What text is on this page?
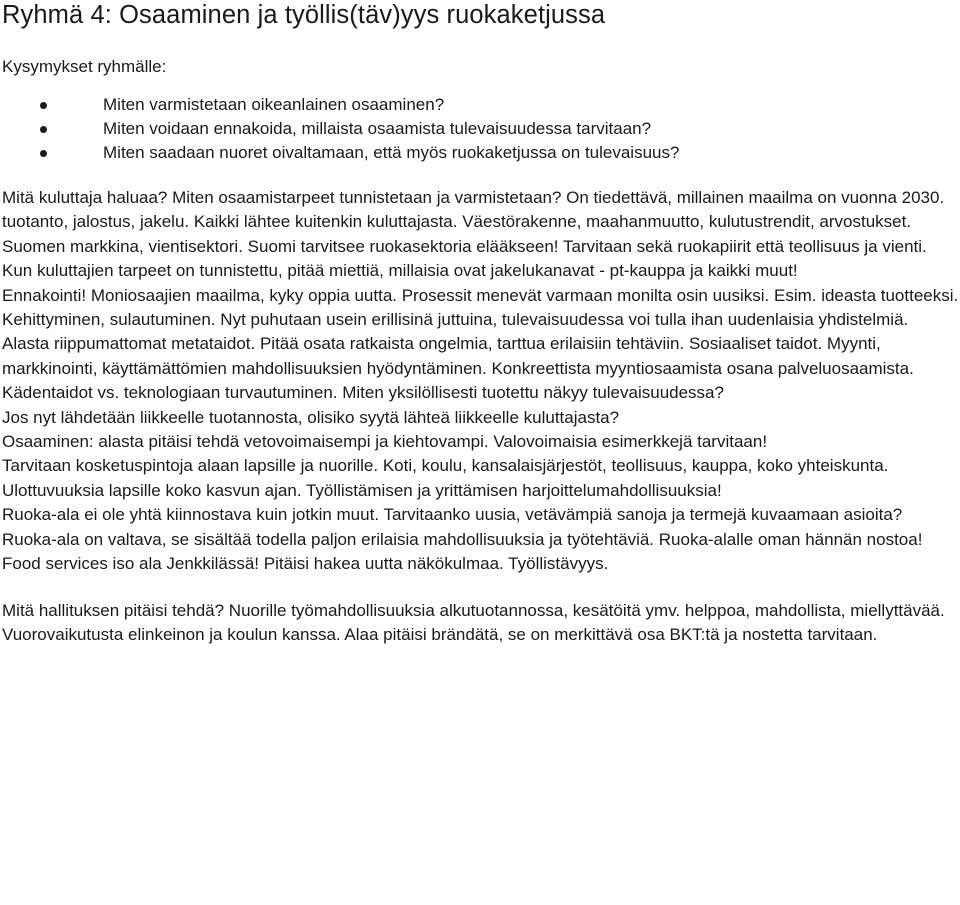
Ryhmä 4: Osaaminen ja työllis(täv)yys ruokaketjussa

Kysymykset ryhmälle:

Miten varmistetaan oikeanlainen osaaminen?
Miten voidaan ennakoida, millaista osaamista tulevaisuudessa tarvitaan?
Miten saadaan nuoret oivaltamaan, että myös ruokaketjussa on tulevaisuus?

Mitä kuluttaja haluaa? Miten osaamistarpeet tunnistetaan ja varmistetaan? On tiedettävä, millainen maailma on vuonna 2030. tuotanto, jalostus, jakelu. Kaikki lähtee kuitenkin kuluttajasta. Väestörakenne, maahanmuutto, kulutustrendit, arvostukset. Suomen markkina, vientisektori. Suomi tarvitsee ruokasektoria elääkseen! Tarvitaan sekä ruokapiirit että teollisuus ja vienti. Kun kuluttajien tarpeet on tunnistettu, pitää miettiä, millaisia ovat jakelukanavat - pt-kauppa ja kaikki muut!

Ennakointi! Moniosaajien maailma, kyky oppia uutta. Prosessit menevät varmaan monilta osin uusiksi. Esim. ideasta tuotteeksi. Kehittyminen, sulautuminen. Nyt puhutaan usein erillisinä juttuina, tulevaisuudessa voi tulla ihan uudenlaisia yhdistelmiä.

Alasta riippumattomat metataidot. Pitää osata ratkaista ongelmia, tarttua erilaisiin tehtäviin. Sosiaaliset taidot. Myynti, markkinointi, käyttämättömien mahdollisuuksien hyödyntäminen. Konkreettista myyntiosaamista osana palveluosaamista.

Kädentaidot vs. teknologiaan turvautuminen. Miten yksilöllisesti tuotettu näkyy tulevaisuudessa?

Jos nyt lähdetään liikkeelle tuotannosta, olisiko syytä lähteä liikkeelle kuluttajasta?

Osaaminen: alasta pitäisi tehdä vetovoimaisempi ja kiehtovampi. Valovoimaisia esimerkkejä tarvitaan!

Tarvitaan kosketuspintoja alaan lapsille ja nuorille. Koti, koulu, kansalaisjärjestöt, teollisuus, kauppa, koko yhteiskunta. Ulottuvuuksia lapsille koko kasvun ajan. Työllistämisen ja yrittämisen harjoittelumahdollisuuksia!

Ruoka-ala ei ole yhtä kiinnostava kuin jotkin muut. Tarvitaanko uusia, vetävämpiä sanoja ja termejä kuvaamaan asioita?

Ruoka-ala on valtava, se sisältää todella paljon erilaisia mahdollisuuksia ja työtehtäviä. Ruoka-alalle oman hännän nostoa! Food services iso ala Jenkkilässä! Pitäisi hakea uutta näkökulmaa. Työllistävyys.

Mitä hallituksen pitäisi tehdä? Nuorille työmahdollisuuksia alkutuotannossa, kesätöitä ymv. helppoa, mahdollista, miellyttävää. Vuorovaikutusta elinkeinon ja koulun kanssa. Alaa pitäisi brändätä, se on merkittävä osa BKT:tä ja nostetta tarvitaan.
